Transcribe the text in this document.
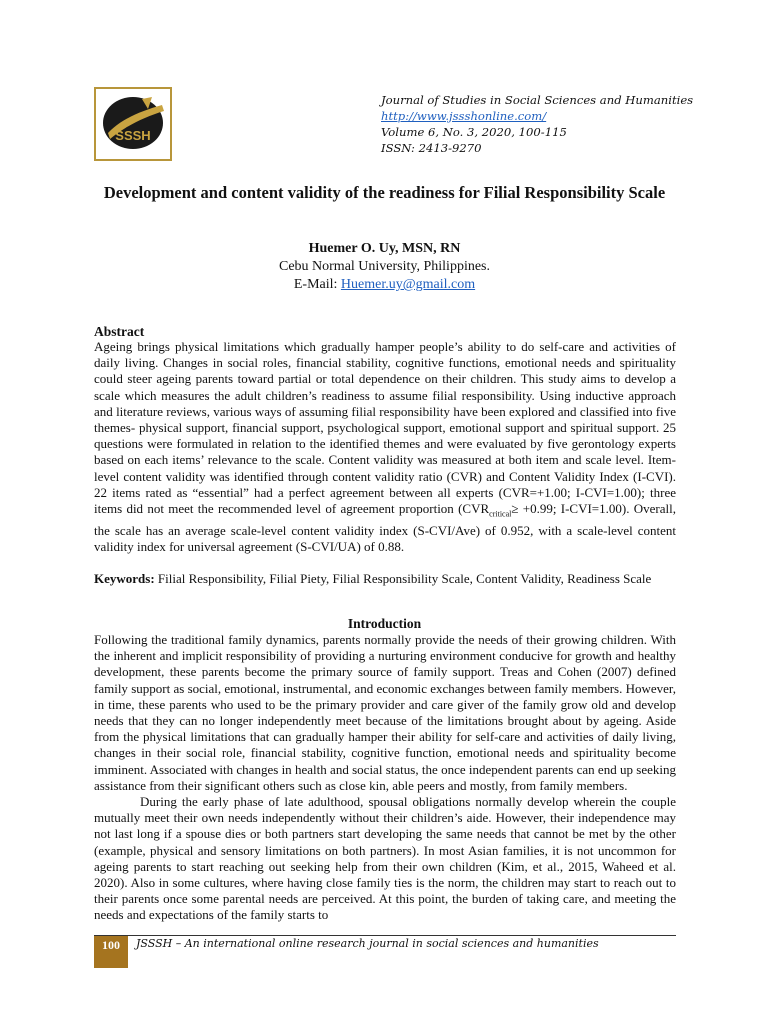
SSSH
Journal of Studies in Social Sciences and Humanities
http://www.jssshonline.com/
Volume 6, No. 3, 2020, 100-115
ISSN: 2413-9270
Development and content validity of the readiness for Filial Responsibility Scale
Huemer O. Uy, MSN, RN
Cebu Normal University, Philippines.
E-Mail: Huemer.uy@gmail.com
Abstract
Ageing brings physical limitations which gradually hamper people’s ability to do self-care and activities of daily living. Changes in social roles, financial stability, cognitive functions, emotional needs and spirituality could steer ageing parents toward partial or total dependence on their children. This study aims to develop a scale which measures the adult children’s readiness to assume filial responsibility. Using inductive approach and literature reviews, various ways of assuming filial responsibility have been explored and classified into five themes- physical support, financial support, psychological support, emotional support and spiritual support. 25 questions were formulated in relation to the identified themes and were evaluated by five gerontology experts based on each items’ relevance to the scale. Content validity was measured at both item and scale level. Item-level content validity was identified through content validity ratio (CVR) and Content Validity Index (I-CVI). 22 items rated as “essential” had a perfect agreement between all experts (CVR=+1.00; I-CVI=1.00); three items did not meet the recommended level of agreement proportion ($CVR_{critical}\ge +0.99$; I-CVI=1.00). Overall, the scale has an average scale-level content validity index (S-CVI/Ave) of 0.952, with a scale-level content validity index for universal agreement (S-CVI/UA) of 0.88.
Keywords: Filial Responsibility, Filial Piety, Filial Responsibility Scale, Content Validity, Readiness Scale
Introduction

Following the traditional family dynamics, parents normally provide the needs of their growing children. With the inherent and implicit responsibility of providing a nurturing environment conducive for growth and healthy development, these parents become the primary source of family support. Treas and Cohen (2007) defined family support as social, emotional, instrumental, and economic exchanges between family members. However, in time, these parents who used to be the primary provider and care giver of the family grow old and develop needs that they can no longer independently meet because of the limitations brought about by ageing. Aside from the physical limitations that can gradually hamper their ability for self-care and activities of daily living, changes in their social role, financial stability, cognitive function, emotional needs and spirituality become imminent. Associated with changes in health and social status, the once independent parents can end up seeking assistance from their significant others such as close kin, able peers and mostly, from family members.

During the early phase of late adulthood, spousal obligations normally develop wherein the couple mutually meet their own needs independently without their children’s aide. However, their independence may not last long if a spouse dies or both partners start developing the same needs that cannot be met by the other (example, physical and sensory limitations on both partners). In most Asian families, it is not uncommon for ageing parents to start reaching out seeking help from their own children (Kim, et al., 2015, Waheed et al. 2020). Also in some cultures, where having close family ties is the norm, the children may start to reach out to their parents once some parental needs are perceived. At this point, the burden of taking care, and meeting the needs and expectations of the family starts to

100	JSSSH – An international online research journal in social sciences and humanities
